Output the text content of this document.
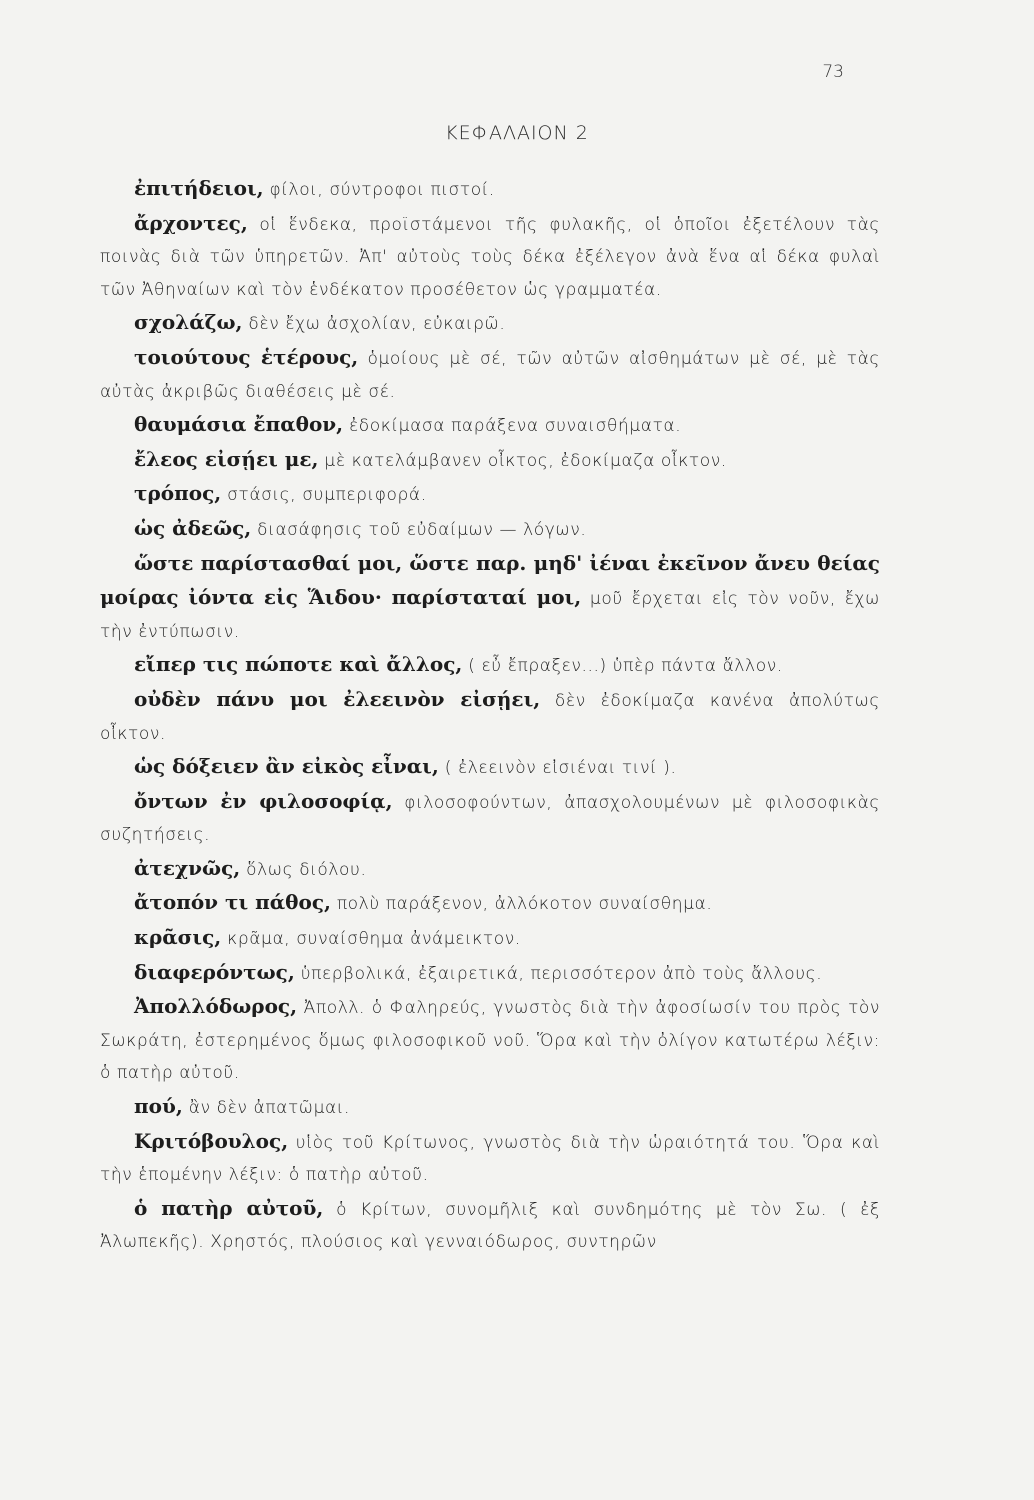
73
ΚΕΦΑΛΑΙΟΝ 2

ἐπιτήδειοι, φίλοι, σύντροφοι πιστοί.

ἄρχοντες, οἱ ἕνδεκα, προϊστάμενοι τῆς φυλακῆς, οἱ ὁποῖοι ἐξετέλουν τὰς ποινὰς διὰ τῶν ὑπηρετῶν. Ἀπ' αὐτοὺς τοὺς δέκα ἐξέλεγον ἀνὰ ἕνα αἱ δέκα φυλαὶ τῶν Ἀθηναίων καὶ τὸν ἑνδέκατον προσέθετον ὡς γραμματέα.

σχολάζω, δὲν ἔχω ἀσχολίαν, εὐκαιρῶ.

τοιούτους ἑτέρους, ὁμοίους μὲ σέ, τῶν αὐτῶν αἰσθημάτων μὲ σέ, μὲ τὰς αὐτὰς ἀκριβῶς διαθέσεις μὲ σέ.

θαυμάσια ἔπαθον, ἐδοκίμασα παράξενα συναισθήματα.

ἔλεος εἰσῄει με, μὲ κατελάμβανεν οἶκτος, ἐδοκίμαζα οἶκτον.

τρόπος, στάσις, συμπεριφορά.

ὡς ἀδεῶς, διασάφησις τοῦ εὐδαίμων — λόγων.

ὥστε παρίστασθαί μοι, ὥστε παρ. μηδ' ἰέναι ἐκεῖνον ἄνευ θείας μοίρας ἰόντα εἰς Ἅιδου· παρίσταταί μοι, μοῦ ἔρχεται εἰς τὸν νοῦν, ἔχω τὴν ἐντύπωσιν.

εἴπερ τις πώποτε καὶ ἄλλος, ( εὖ ἔπραξεν...) ὑπὲρ πάντα ἄλλον.

οὐδὲν πάνυ μοι ἐλεεινὸν εἰσῄει, δὲν ἐδοκίμαζα κανένα ἀπολύτως οἶκτον.

ὡς δόξειεν ἂν εἰκὸς εἶναι, ( ἐλεεινὸν εἰσιέναι τινί ).

ὄντων ἐν φιλοσοφίᾳ, φιλοσοφούντων, ἀπασχολουμένων μὲ φιλοσοφικὰς συζητήσεις.

ἀτεχνῶς, ὅλως διόλου.

ἄτοπόν τι πάθος, πολὺ παράξενον, ἀλλόκοτον συναίσθημα.

κρᾶσις, κρᾶμα, συναίσθημα ἀνάμεικτον.

διαφερόντως, ὑπερβολικά, ἐξαιρετικά, περισσότερον ἀπὸ τοὺς ἄλλους.

Ἀπολλόδωρος, Ἀπολλ. ὁ Φαληρεύς, γνωστὸς διὰ τὴν ἀφοσίωσίν του πρὸς τὸν Σωκράτη, ἐστερημένος ὅμως φιλοσοφικοῦ νοῦ. Ὅρα καὶ τὴν ὀλίγον κατωτέρω λέξιν: ὁ πατὴρ αὐτοῦ.

πού, ἂν δὲν ἀπατῶμαι.

Κριτόβουλος, υἱὸς τοῦ Κρίτωνος, γνωστὸς διὰ τὴν ὡραιότητά του. Ὅρα καὶ τὴν ἑπομένην λέξιν: ὁ πατὴρ αὐτοῦ.

ὁ πατὴρ αὐτοῦ, ὁ Κρίτων, συνομῆλιξ καὶ συνδημότης μὲ τὸν Σω. ( ἐξ Ἀλωπεκῆς). Χρηστός, πλούσιος καὶ γενναιόδωρος, συντηρῶν
